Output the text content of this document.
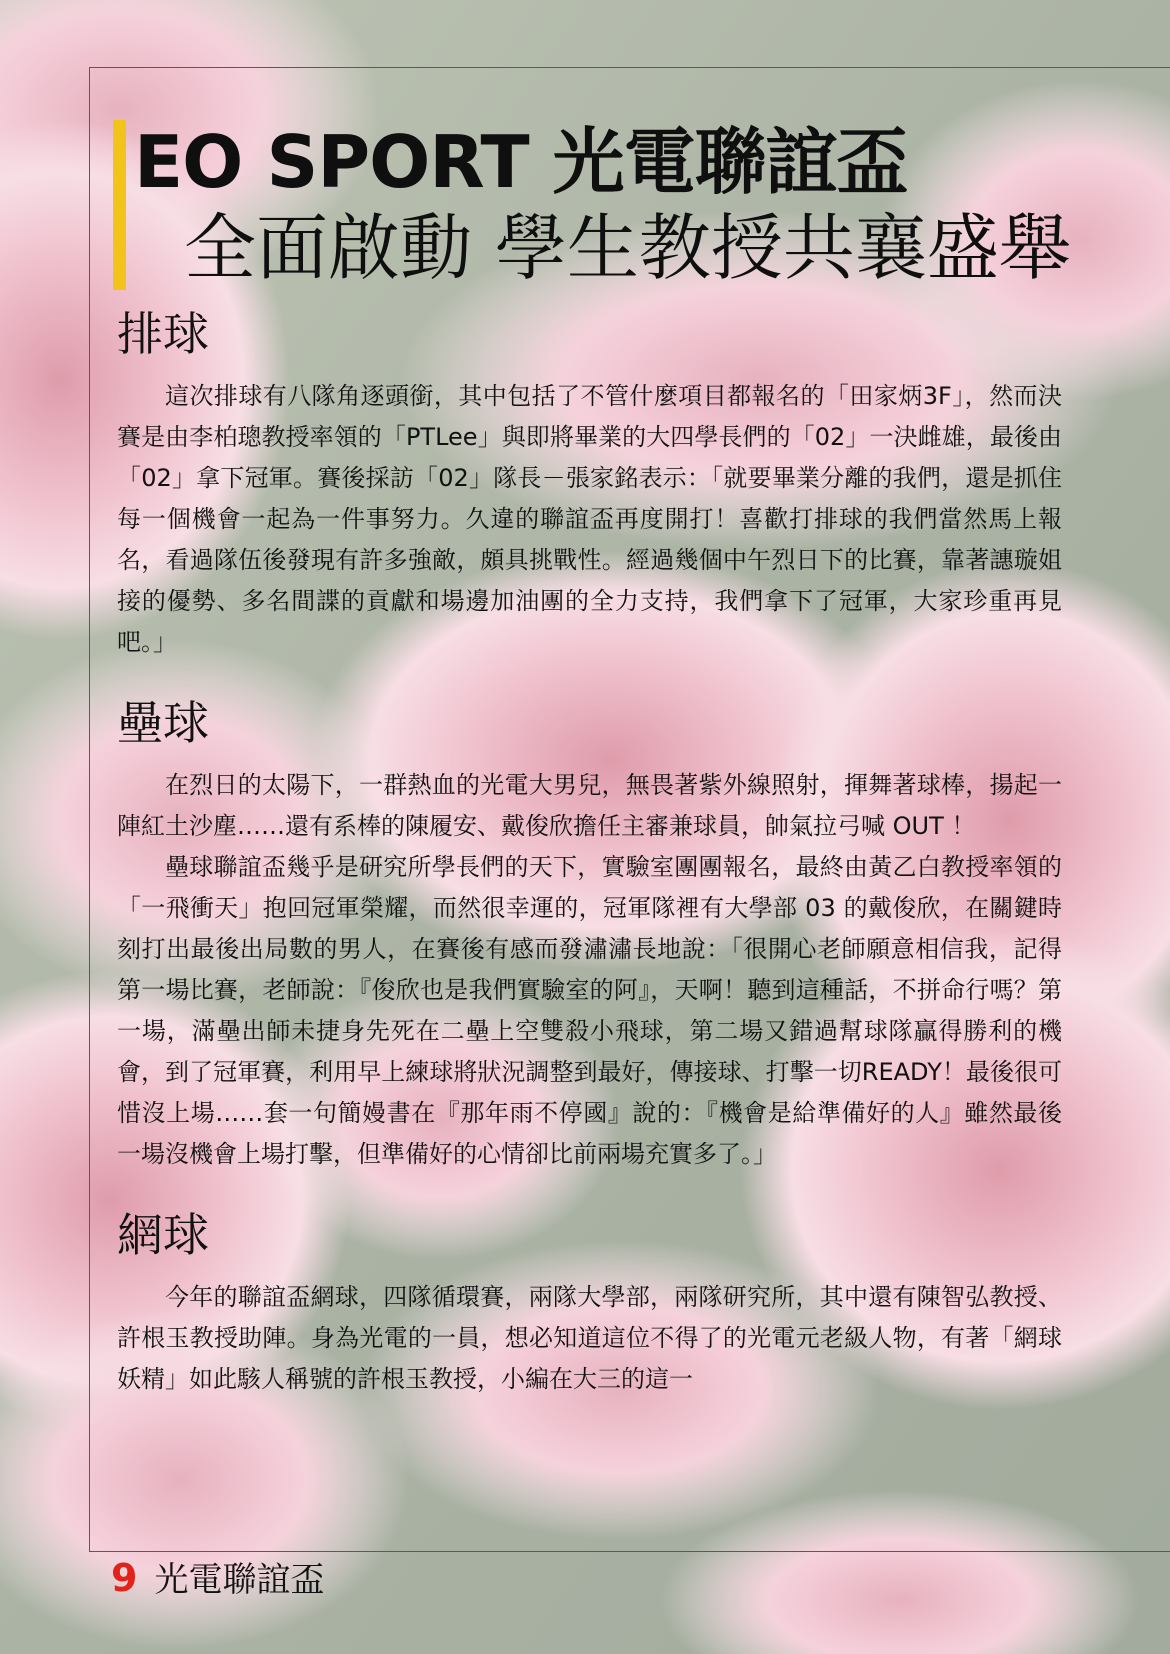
EO SPORT 光電聯誼盃
全面啟動 學生教授共襄盛舉
排球

這次排球有八隊角逐頭銜，其中包括了不管什麼項目都報名的「田家炳3F」，然而決賽是由李柏璁教授率領的「PTLee」與即將畢業的大四學長們的「02」一決雌雄，最後由「02」拿下冠軍。賽後採訪「02」隊長－張家銘表示：「就要畢業分離的我們，還是抓住每一個機會一起為一件事努力。久違的聯誼盃再度開打！喜歡打排球的我們當然馬上報名，看過隊伍後發現有許多強敵，頗具挑戰性。經過幾個中午烈日下的比賽，靠著譓璇姐接的優勢、多名間諜的貢獻和場邊加油團的全力支持，我們拿下了冠軍，大家珍重再見吧。」

壘球

在烈日的太陽下，一群熱血的光電大男兒，無畏著紫外線照射，揮舞著球棒，揚起一陣紅土沙塵……還有系棒的陳履安、戴俊欣擔任主審兼球員，帥氣拉弓喊 OUT ！

壘球聯誼盃幾乎是研究所學長們的天下，實驗室團團報名，最終由黃乙白教授率領的「一飛衝天」抱回冠軍榮耀，而然很幸運的，冠軍隊裡有大學部 03 的戴俊欣，在關鍵時刻打出最後出局數的男人，在賽後有感而發潚潚長地說：「很開心老師願意相信我，記得第一場比賽，老師說：『俊欣也是我們實驗室的阿』，天啊！聽到這種話，不拼命行嗎？第一場，滿壘出師未捷身先死在二壘上空雙殺小飛球，第二場又錯過幫球隊贏得勝利的機會，到了冠軍賽，利用早上練球將狀況調整到最好，傳接球、打擊一切READY！最後很可惜沒上場……套一句簡嫚書在『那年雨不停國』說的：『機會是給準備好的人』雖然最後一場沒機會上場打擊，但準備好的心情卻比前兩場充實多了。」

網球

今年的聯誼盃網球，四隊循環賽，兩隊大學部，兩隊研究所，其中還有陳智弘教授、許根玉教授助陣。身為光電的一員，想必知道這位不得了的光電元老級人物，有著「網球妖精」如此駭人稱號的許根玉教授，小編在大三的這一

9 光電聯誼盃
